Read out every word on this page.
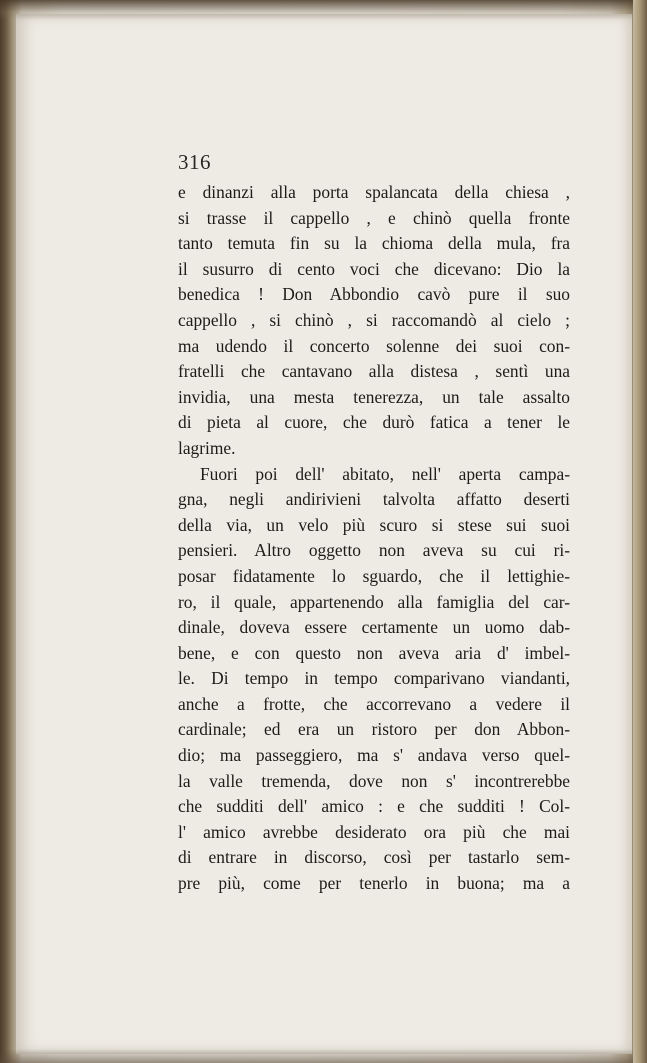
316

e dinanzi alla porta spalancata della chiesa ,
si trasse il cappello , e chinò quella fronte
tanto temuta fin su la chioma della mula, fra
il susurro di cento voci che dicevano: Dio la
benedica ! Don Abbondio cavò pure il suo
cappello , si chinò , si raccomandò al cielo ;
ma udendo il concerto solenne dei suoi con-
fratelli che cantavano alla distesa , sentì una
invidia, una mesta tenerezza, un tale assalto
di pieta al cuore, che durò fatica a tener le
lagrime.
Fuori poi dell' abitato, nell' aperta campa-
gna, negli andirivieni talvolta affatto deserti
della via, un velo più scuro si stese sui suoi
pensieri. Altro oggetto non aveva su cui ri-
posar fidatamente lo sguardo, che il lettighie-
ro, il quale, appartenendo alla famiglia del car-
dinale, doveva essere certamente un uomo dab-
bene, e con questo non aveva aria d' imbel-
le. Di tempo in tempo comparivano viandanti,
anche a frotte, che accorrevano a vedere il
cardinale; ed era un ristoro per don Abbon-
dio; ma passeggiero, ma s' andava verso quel-
la valle tremenda, dove non s' incontrerebbe
che sudditi dell' amico : e che sudditi ! Col-
l' amico avrebbe desiderato ora più che mai
di entrare in discorso, così per tastarlo sem-
pre più, come per tenerlo in buona; ma a
